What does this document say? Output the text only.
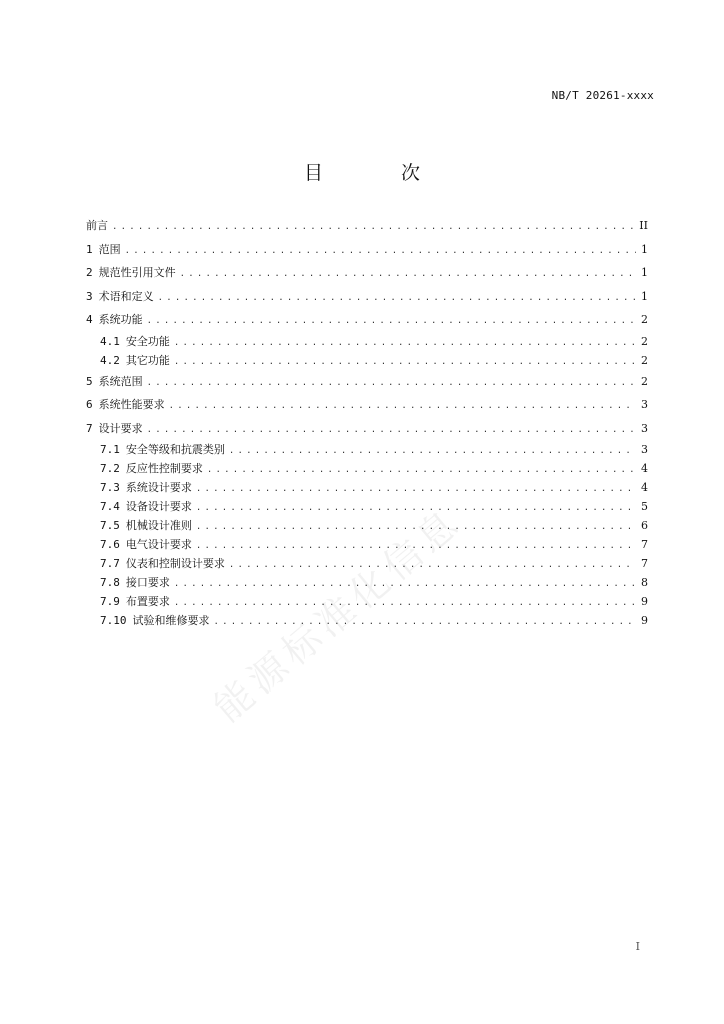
NB/T 20261-xxxx
目 次
前言 .....	II
1 范围 .....	1
2 规范性引用文件 .....	1
3 术语和定义 .....	1
4 系统功能 .....	2
4.1 安全功能 .....	2
4.2 其它功能 .....	2
5 系统范围 .....	2
6 系统性能要求 .....	3
7 设计要求 .....	3
7.1 安全等级和抗震类别 .....	3
7.2 反应性控制要求 .....	4
7.3 系统设计要求 .....	4
7.4 设备设计要求 .....	5
7.5 机械设计准则 .....	6
7.6 电气设计要求 .....	7
7.7 仪表和控制设计要求 .....	7
7.8 接口要求 .....	8
7.9 布置要求 .....	9
7.10 试验和维修要求 .....	9
能源标准化信息
I
